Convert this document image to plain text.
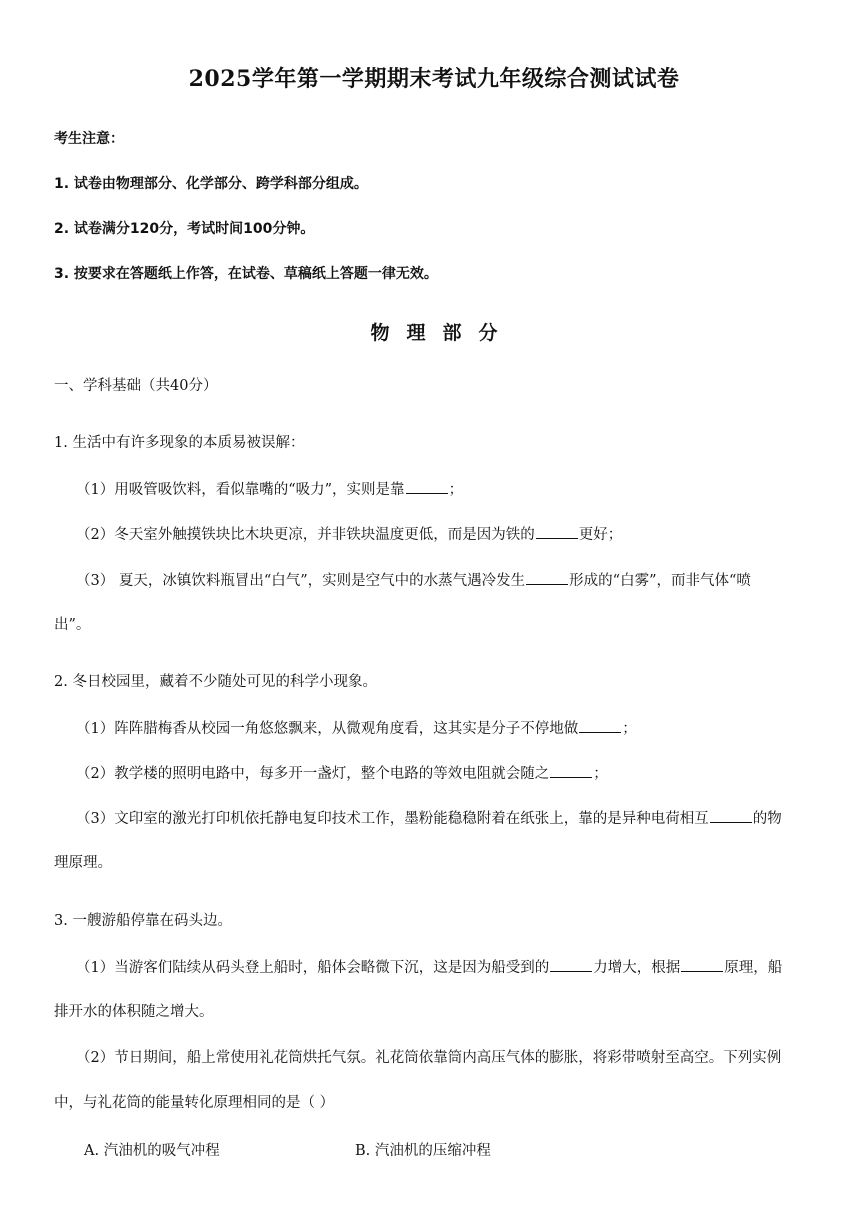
2025学年第一学期期末考试九年级综合测试试卷
考生注意：
1. 试卷由物理部分、化学部分、跨学科部分组成。
2. 试卷满分120分，考试时间100分钟。
3. 按要求在答题纸上作答，在试卷、草稿纸上答题一律无效。
物理部分
一、学科基础（共40分）
1. 生活中有许多现象的本质易被误解：
（1）用吸管吸饮料，看似靠嘴的“吸力”，实则是靠	；
（2）冬天室外触摸铁块比木块更凉，并非铁块温度更低，而是因为铁的	更好；
（3） 夏天，冰镇饮料瓶冒出“白气”，实则是空气中的水蒸气遇冷发生	形成的“白雾”，而非气体“喷
出”。
2. 冬日校园里，藏着不少随处可见的科学小现象。
（1）阵阵腊梅香从校园一角悠悠飘来，从微观角度看，这其实是分子不停地做	；
（2）教学楼的照明电路中，每多开一盏灯，整个电路的等效电阻就会随之	；
（3）文印室的激光打印机依托静电复印技术工作，墨粉能稳稳附着在纸张上，靠的是异种电荷相互	的物
理原理。
3. 一艘游船停靠在码头边。
（1）当游客们陆续从码头登上船时，船体会略微下沉，这是因为船受到的	力增大，根据	原理，船
排开水的体积随之增大。
（2）节日期间，船上常使用礼花筒烘托气氛。礼花筒依靠筒内高压气体的膨胀，将彩带喷射至高空。下列实例
中，与礼花筒的能量转化原理相同的是（ ）
A. 汽油机的吸气冲程	B. 汽油机的压缩冲程
